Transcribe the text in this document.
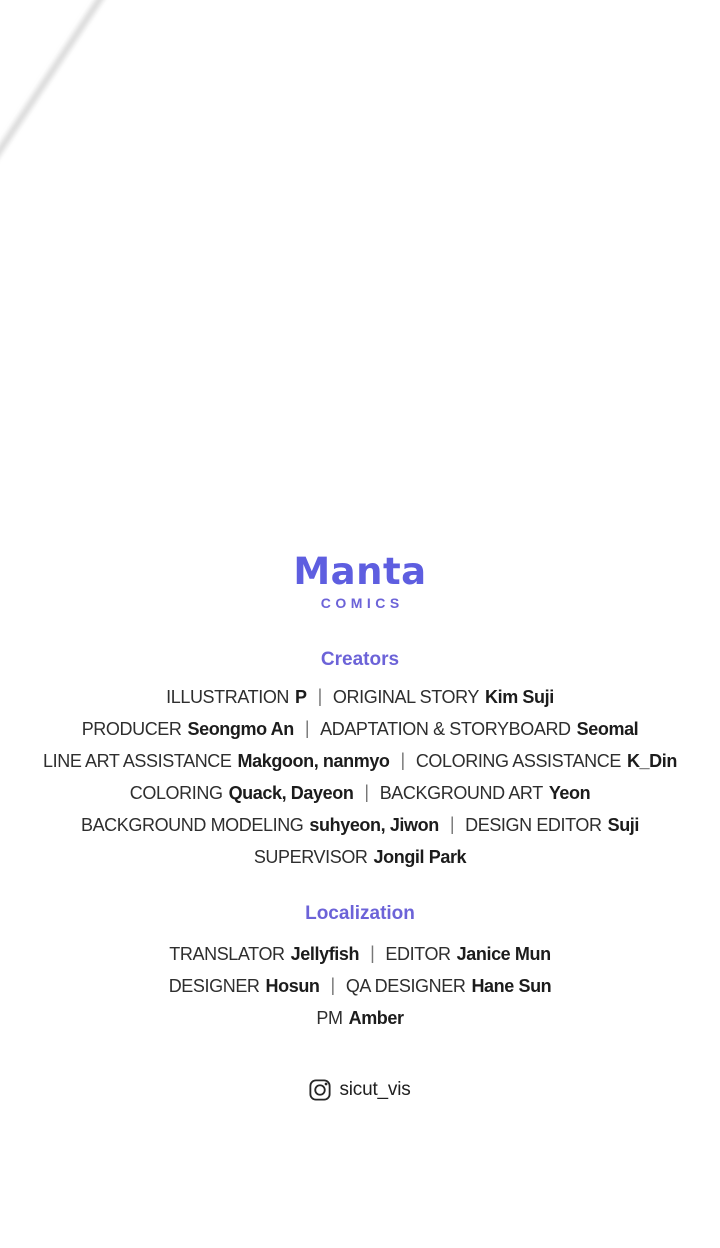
Manta
COMICS
Creators
ILLUSTRATION P | ORIGINAL STORY Kim Suji
PRODUCER Seongmo An | ADAPTATION & STORYBOARD Seomal
LINE ART ASSISTANCE Makgoon, nanmyo | COLORING ASSISTANCE K_Din
COLORING Quack, Dayeon | BACKGROUND ART Yeon
BACKGROUND MODELING suhyeon, Jiwon | DESIGN EDITOR Suji
SUPERVISOR Jongil Park
Localization
TRANSLATOR Jellyfish | EDITOR Janice Mun
DESIGNER Hosun | QA DESIGNER Hane Sun
PM Amber
sicut_vis
